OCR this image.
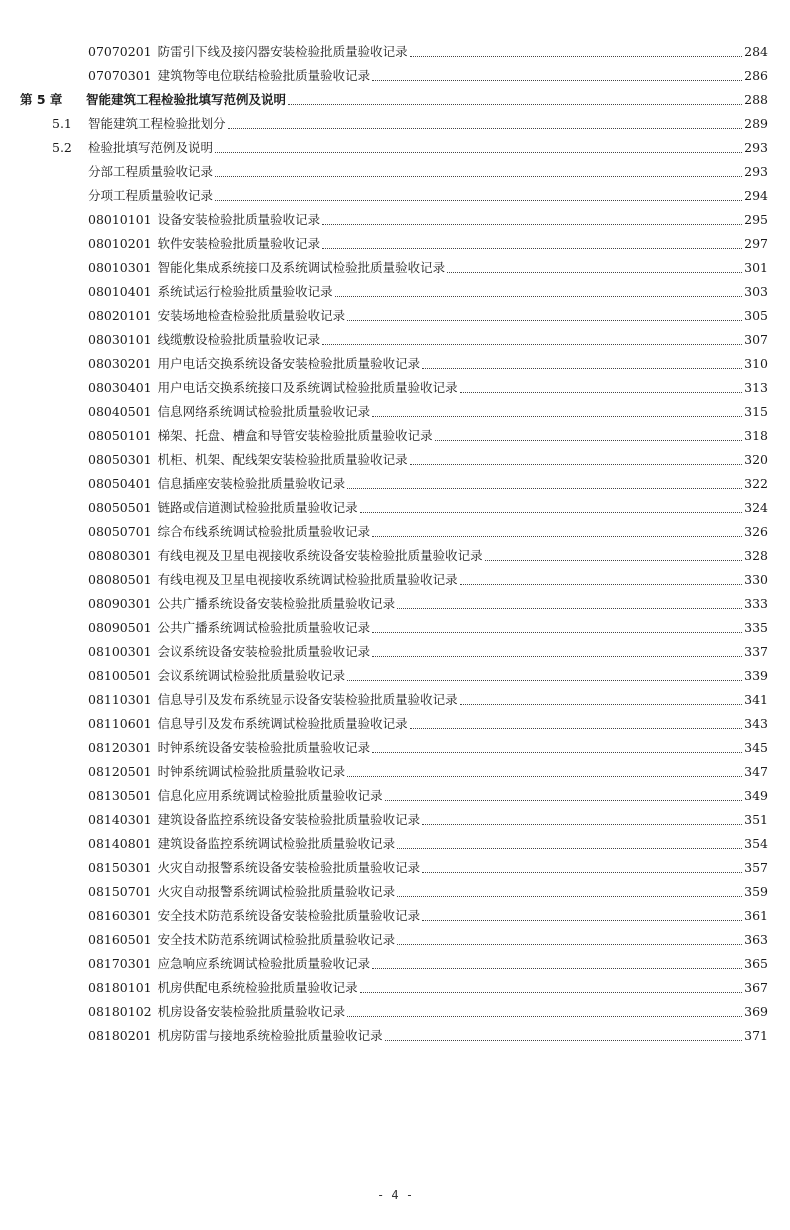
07070201 防雷引下线及接闪器安装检验批质量验收记录	284
07070301 建筑物等电位联结检验批质量验收记录	286
第 5 章	智能建筑工程检验批填写范例及说明	288
5.1	智能建筑工程检验批划分	289
5.2	检验批填写范例及说明	293
分部工程质量验收记录	293
分项工程质量验收记录	294
08010101 设备安装检验批质量验收记录	295
08010201 软件安装检验批质量验收记录	297
08010301 智能化集成系统接口及系统调试检验批质量验收记录	301
08010401 系统试运行检验批质量验收记录	303
08020101 安装场地检查检验批质量验收记录	305
08030101 线缆敷设检验批质量验收记录	307
08030201 用户电话交换系统设备安装检验批质量验收记录	310
08030401 用户电话交换系统接口及系统调试检验批质量验收记录	313
08040501 信息网络系统调试检验批质量验收记录	315
08050101 梯架、托盘、槽盒和导管安装检验批质量验收记录	318
08050301 机柜、机架、配线架安装检验批质量验收记录	320
08050401 信息插座安装检验批质量验收记录	322
08050501 链路或信道测试检验批质量验收记录	324
08050701 综合布线系统调试检验批质量验收记录	326
08080301 有线电视及卫星电视接收系统设备安装检验批质量验收记录	328
08080501 有线电视及卫星电视接收系统调试检验批质量验收记录	330
08090301 公共广播系统设备安装检验批质量验收记录	333
08090501 公共广播系统调试检验批质量验收记录	335
08100301 会议系统设备安装检验批质量验收记录	337
08100501 会议系统调试检验批质量验收记录	339
08110301 信息导引及发布系统显示设备安装检验批质量验收记录	341
08110601 信息导引及发布系统调试检验批质量验收记录	343
08120301 时钟系统设备安装检验批质量验收记录	345
08120501 时钟系统调试检验批质量验收记录	347
08130501 信息化应用系统调试检验批质量验收记录	349
08140301 建筑设备监控系统设备安装检验批质量验收记录	351
08140801 建筑设备监控系统调试检验批质量验收记录	354
08150301 火灾自动报警系统设备安装检验批质量验收记录	357
08150701 火灾自动报警系统调试检验批质量验收记录	359
08160301 安全技术防范系统设备安装检验批质量验收记录	361
08160501 安全技术防范系统调试检验批质量验收记录	363
08170301 应急响应系统调试检验批质量验收记录	365
08180101 机房供配电系统检验批质量验收记录	367
08180102 机房设备安装检验批质量验收记录	369
08180201 机房防雷与接地系统检验批质量验收记录	371
- 4 -
